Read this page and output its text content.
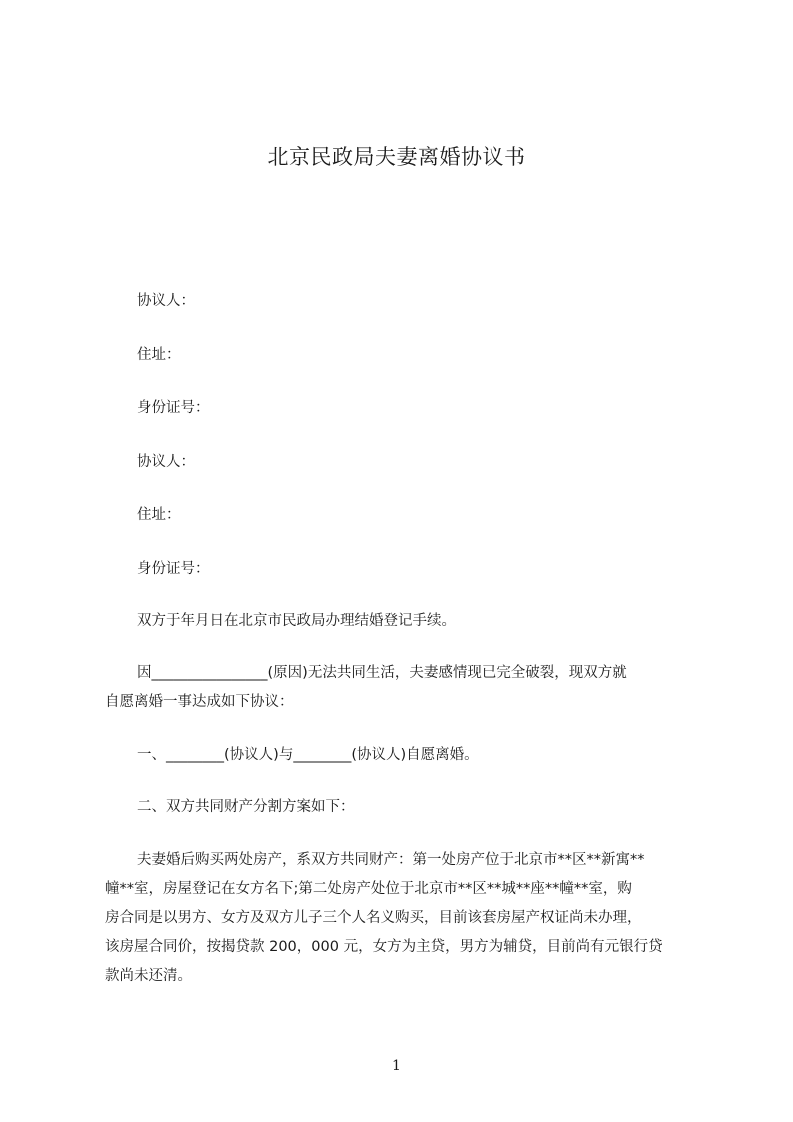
北京民政局夫妻离婚协议书
协议人：
住址：
身份证号：
协议人：
住址：
身份证号：
双方于年月日在北京市民政局办理结婚登记手续。
因________________(原因)无法共同生活，夫妻感情现已完全破裂，现双方就
自愿离婚一事达成如下协议：
一、________(协议人)与________(协议人)自愿离婚。
二、双方共同财产分割方案如下：
夫妻婚后购买两处房产，系双方共同财产：第一处房产位于北京市**区**新寓**
幢**室，房屋登记在女方名下;第二处房产处位于北京市**区**城**座**幢**室，购
房合同是以男方、女方及双方儿子三个人名义购买，目前该套房屋产权证尚未办理，
该房屋合同价，按揭贷款 200，000 元，女方为主贷，男方为辅贷，目前尚有元银行贷
款尚未还清。
1
